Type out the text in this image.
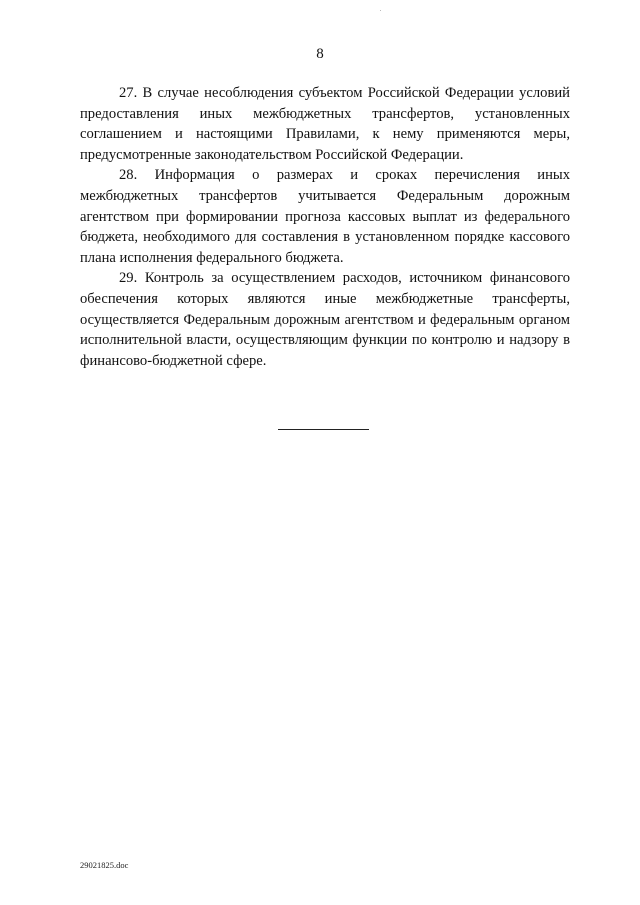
8

27. В случае несоблюдения субъектом Российской Федерации условий предоставления иных межбюджетных трансфертов, установленных соглашением и настоящими Правилами, к нему применяются меры, предусмотренные законодательством Российской Федерации.

28. Информация о размерах и сроках перечисления иных межбюджетных трансфертов учитывается Федеральным дорожным агентством при формировании прогноза кассовых выплат из федерального бюджета, необходимого для составления в установленном порядке кассового плана исполнения федерального бюджета.

29. Контроль за осуществлением расходов, источником финансового обеспечения которых являются иные межбюджетные трансферты, осуществляется Федеральным дорожным агентством и федеральным органом исполнительной власти, осуществляющим функции по контролю и надзору в финансово-бюджетной сфере.

29021825.doc
